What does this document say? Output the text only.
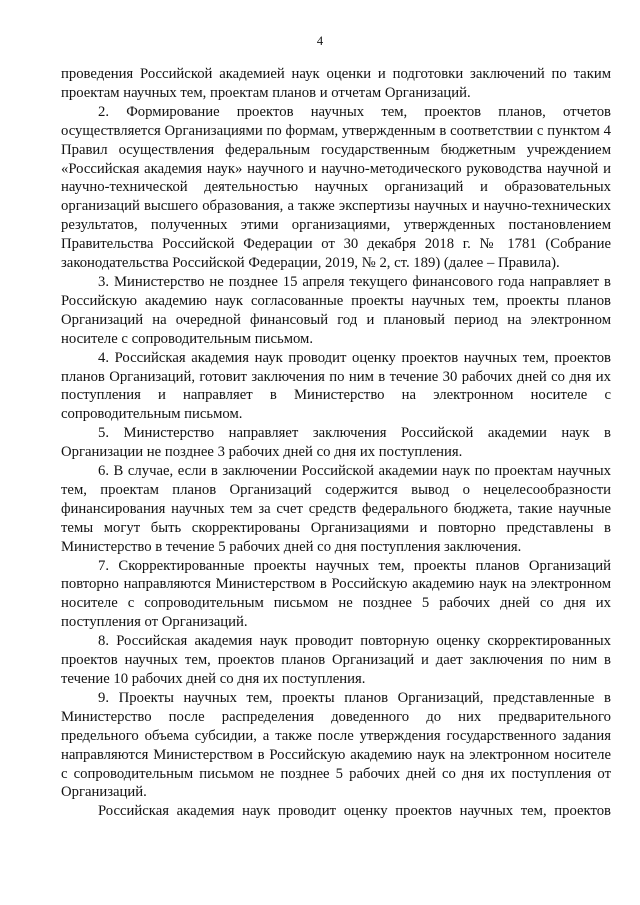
4

проведения Российской академией наук оценки и подготовки заключений по таким проектам научных тем, проектам планов и отчетам Организаций.

2. Формирование проектов научных тем, проектов планов, отчетов осуществляется Организациями по формам, утвержденным в соответствии с пунктом 4 Правил осуществления федеральным государственным бюджетным учреждением «Российская академия наук» научного и научно-методического руководства научной и научно-технической деятельностью научных организаций и образовательных организаций высшего образования, а также экспертизы научных и научно-технических результатов, полученных этими организациями, утвержденных постановлением Правительства Российской Федерации от 30 декабря 2018 г. № 1781 (Собрание законодательства Российской Федерации, 2019, № 2, ст. 189) (далее – Правила).

3. Министерство не позднее 15 апреля текущего финансового года направляет в Российскую академию наук согласованные проекты научных тем, проекты планов Организаций на очередной финансовый год и плановый период на электронном носителе с сопроводительным письмом.

4. Российская академия наук проводит оценку проектов научных тем, проектов планов Организаций, готовит заключения по ним в течение 30 рабочих дней со дня их поступления и направляет в Министерство на электронном носителе с сопроводительным письмом.

5. Министерство направляет заключения Российской академии наук в Организации не позднее 3 рабочих дней со дня их поступления.

6. В случае, если в заключении Российской академии наук по проектам научных тем, проектам планов Организаций содержится вывод о нецелесообразности финансирования научных тем за счет средств федерального бюджета, такие научные темы могут быть скорректированы Организациями и повторно представлены в Министерство в течение 5 рабочих дней со дня поступления заключения.

7. Скорректированные проекты научных тем, проекты планов Организаций повторно направляются Министерством в Российскую академию наук на электронном носителе с сопроводительным письмом не позднее 5 рабочих дней со дня их поступления от Организаций.

8. Российская академия наук проводит повторную оценку скорректированных проектов научных тем, проектов планов Организаций и дает заключения по ним в течение 10 рабочих дней со дня их поступления.

9. Проекты научных тем, проекты планов Организаций, представленные в Министерство после распределения доведенного до них предварительного предельного объема субсидии, а также после утверждения государственного задания направляются Министерством в Российскую академию наук на электронном носителе с сопроводительным письмом не позднее 5 рабочих дней со дня их поступления от Организаций.

Российская академия наук проводит оценку проектов научных тем, проектов
